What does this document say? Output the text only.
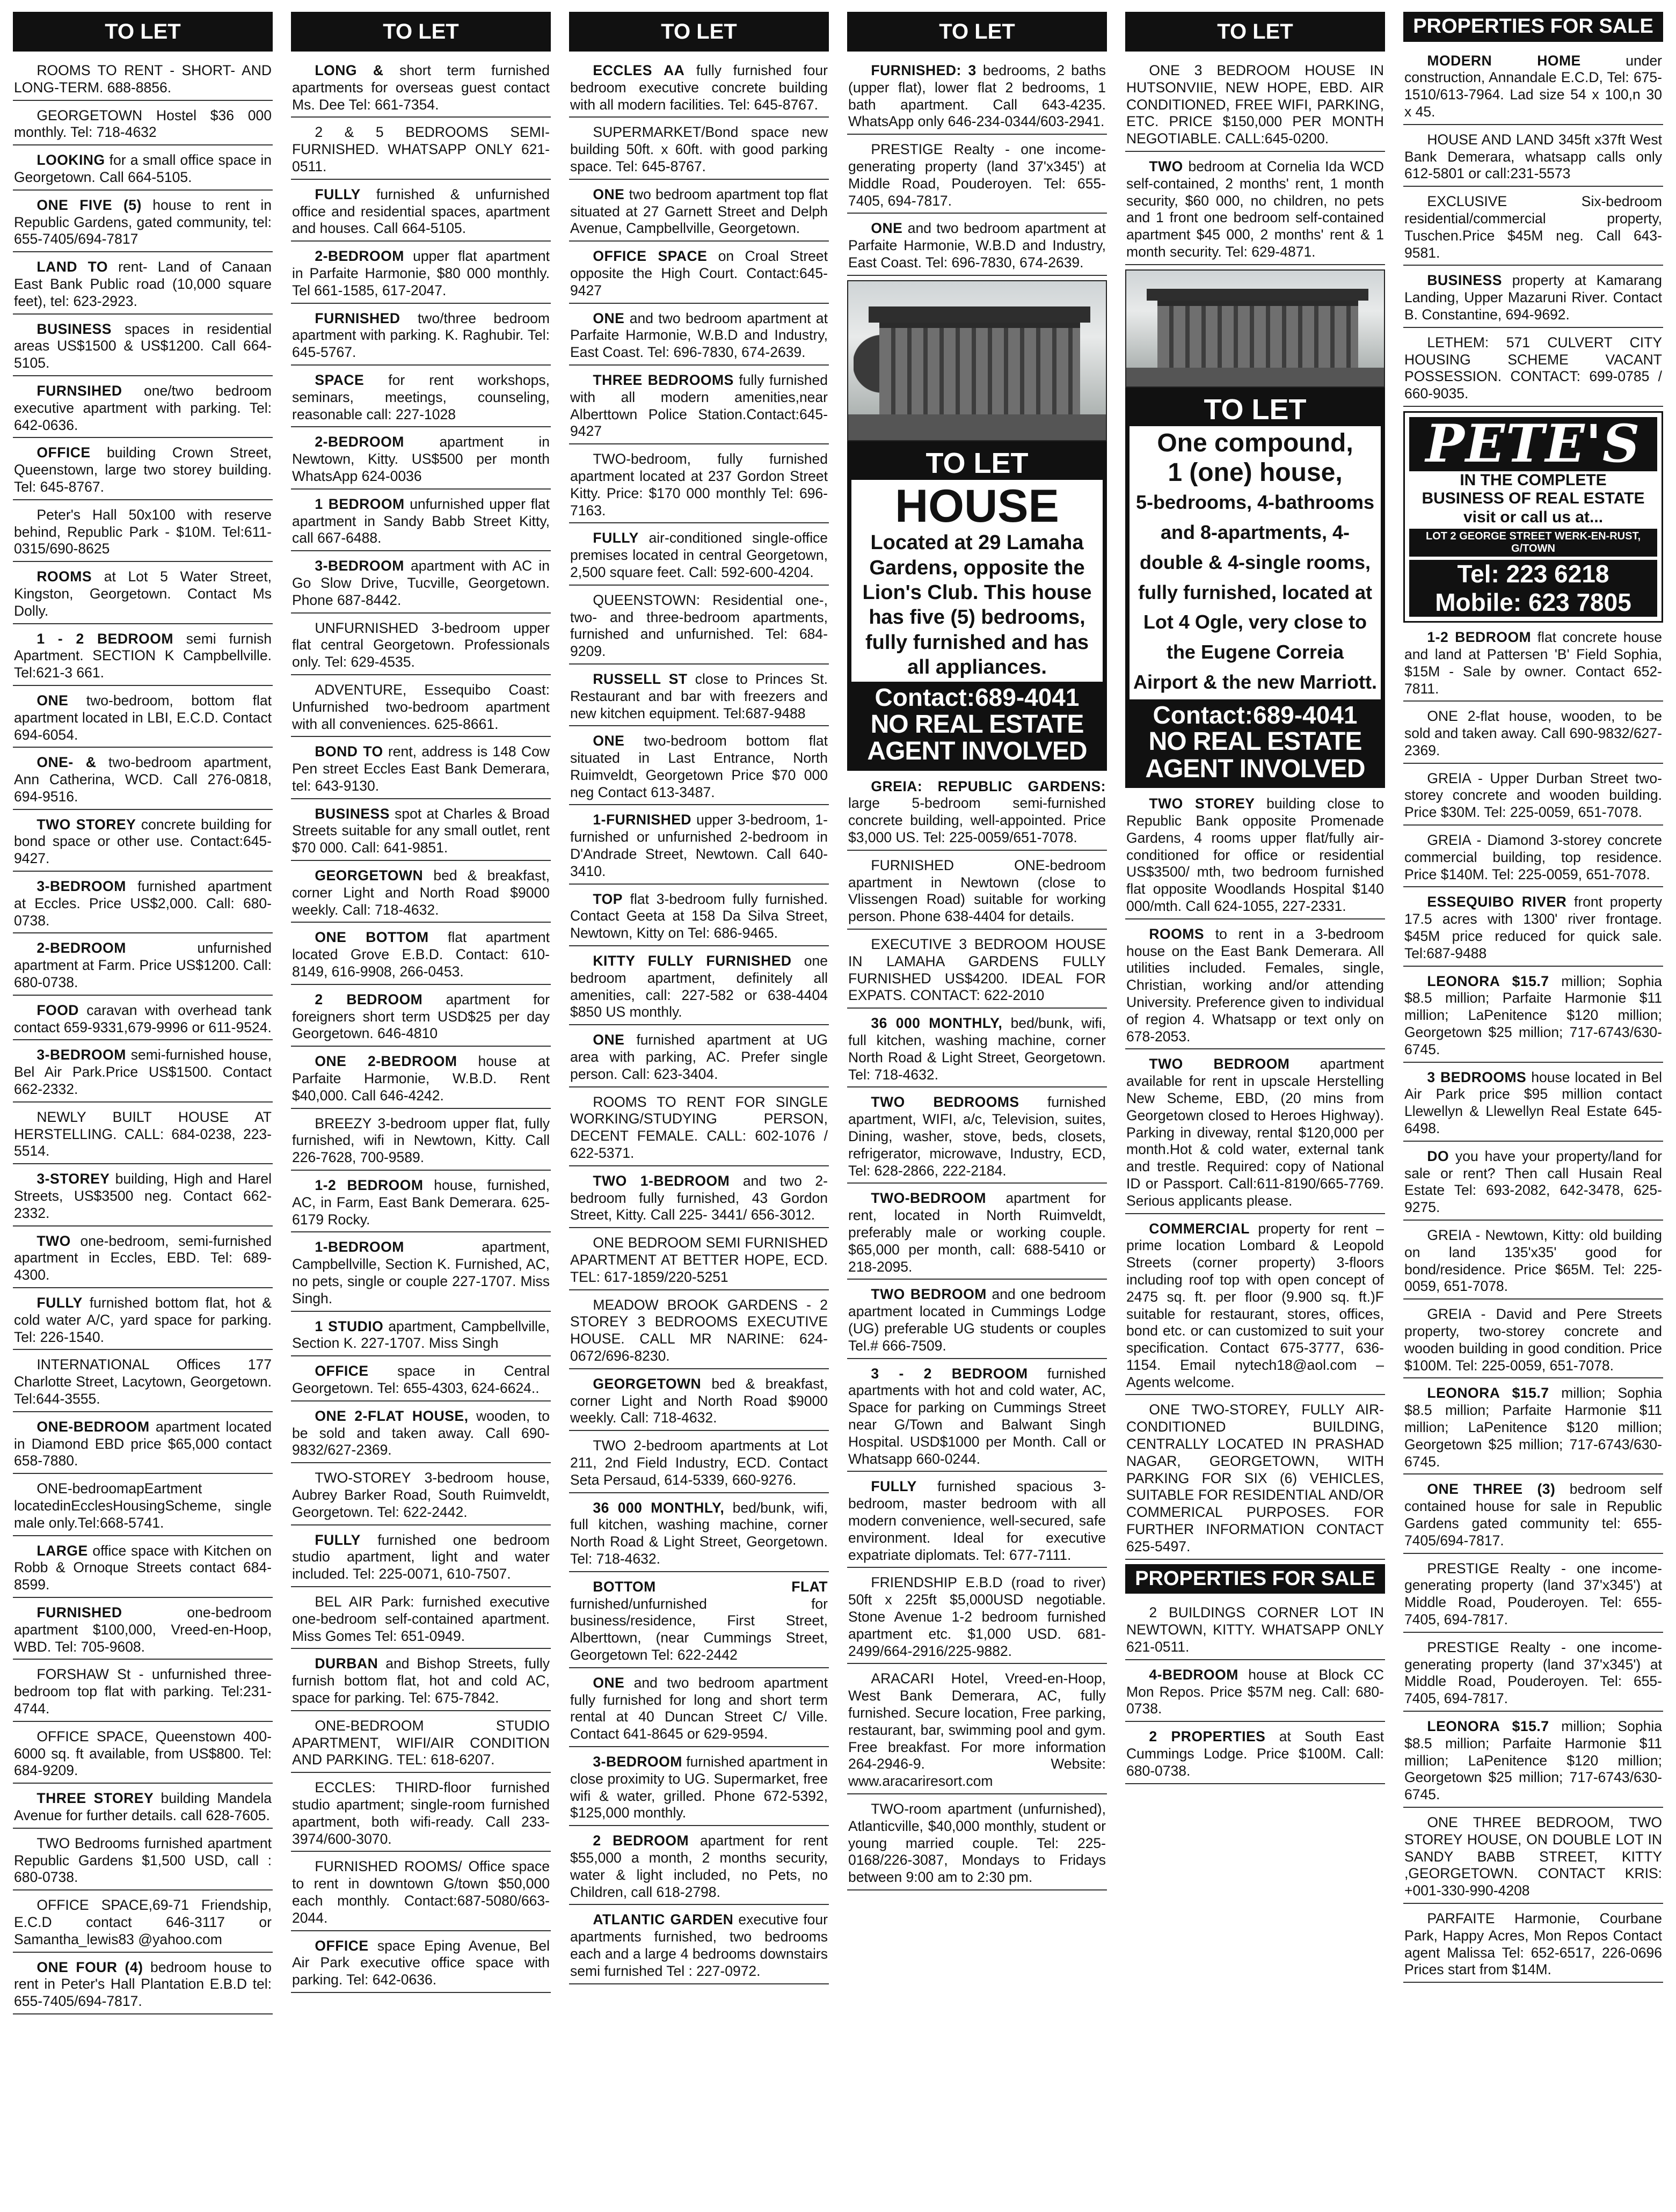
TO LET
ROOMS TO RENT - SHORT- AND LONG-TERM. 688-8856.
GEORGETOWN Hostel $36 000 monthly. Tel: 718-4632
LOOKING for a small office space in Georgetown. Call 664-5105.
ONE FIVE (5) house to rent in Republic Gardens, gated community, tel: 655-7405/694-7817
LAND TO rent- Land of Canaan East Bank Public road (10,000 square feet), tel: 623-2923.
BUSINESS spaces in residential areas US$1500 & US$1200. Call 664-5105.
FURNSIHED one/two bedroom executive apartment with parking. Tel: 642-0636.
OFFICE building Crown Street, Queenstown, large two storey building. Tel: 645-8767.
Peter's Hall 50x100 with reserve behind, Republic Park - $10M. Tel:611-0315/690-8625
ROOMS at Lot 5 Water Street, Kingston, Georgetown. Contact Ms Dolly.
1 - 2 BEDROOM semi furnish Apartment. SECTION K Campbellville. Tel:621-3 661.
ONE two-bedroom, bottom flat apartment located in LBI, E.C.D. Contact 694-6054.
ONE- & two-bedroom apartment, Ann Catherina, WCD. Call 276-0818, 694-9516.
TWO STOREY concrete building for bond space or other use. Contact:645-9427.
3-BEDROOM furnished apartment at Eccles. Price US$2,000. Call: 680-0738.
2-BEDROOM unfurnished apartment at Farm. Price US$1200. Call: 680-0738.
FOOD caravan with overhead tank contact 659-9331,679-9996 or 611-9524.
3-BEDROOM semi-furnished house, Bel Air Park.Price US$1500. Contact 662-2332.
NEWLY BUILT HOUSE AT HERSTELLING. CALL: 684-0238, 223-5514.
3-STOREY building, High and Harel Streets, US$3500 neg. Contact 662-2332.
TWO one-bedroom, semi-furnished apartment in Eccles, EBD. Tel: 689-4300.
FULLY furnished bottom flat, hot & cold water A/C, yard space for parking. Tel: 226-1540.
INTERNATIONAL Offices 177 Charlotte Street, Lacytown, Georgetown. Tel:644-3555.
ONE-BEDROOM apartment located in Diamond EBD price $65,000 contact 658-7880.
ONE-bedroomapEartment locatedinEcclesHousingScheme, single male only.Tel:668-5741.
LARGE office space with Kitchen on Robb & Ornoque Streets contact 684-8599.
FURNISHED one-bedroom apartment $100,000, Vreed-en-Hoop, WBD. Tel: 705-9608.
FORSHAW St - unfurnished three-bedroom top flat with parking. Tel:231-4744.
OFFICE SPACE, Queenstown 400-6000 sq. ft available, from US$800. Tel: 684-9209.
THREE STOREY building Mandela Avenue for further details. call 628-7605.
TWO Bedrooms furnished apartment Republic Gardens $1,500 USD, call : 680-0738.
OFFICE SPACE,69-71 Friendship, E.C.D contact 646-3117 or Samantha_lewis83 @yahoo.com
ONE FOUR (4) bedroom house to rent in Peter's Hall Plantation E.B.D tel: 655-7405/694-7817.
TO LET
LONG & short term furnished apartments for overseas guest contact Ms. Dee Tel: 661-7354.
2 & 5 BEDROOMS SEMI-FURNISHED. WHATSAPP ONLY 621-0511.
FULLY furnished & unfurnished office and residential spaces, apartment and houses. Call 664-5105.
2-BEDROOM upper flat apartment in Parfaite Harmonie, $80 000 monthly. Tel 661-1585, 617-2047.
FURNISHED two/three bedroom apartment with parking. K. Raghubir. Tel: 645-5767.
SPACE for rent workshops, seminars, meetings, counseling, reasonable call: 227-1028
2-BEDROOM apartment in Newtown, Kitty. US$500 per month WhatsApp 624-0036
1 BEDROOM unfurnished upper flat apartment in Sandy Babb Street Kitty, call 667-6488.
3-BEDROOM apartment with AC in Go Slow Drive, Tucville, Georgetown. Phone 687-8442.
UNFURNISHED 3-bedroom upper flat central Georgetown. Professionals only. Tel: 629-4535.
ADVENTURE, Essequibo Coast: Unfurnished two-bedroom apartment with all conveniences. 625-8661.
BOND TO rent, address is 148 Cow Pen street Eccles East Bank Demerara, tel: 643-9130.
BUSINESS spot at Charles & Broad Streets suitable for any small outlet, rent $70 000. Call: 641-9851.
GEORGETOWN bed & breakfast, corner Light and North Road $9000 weekly. Call: 718-4632.
ONE BOTTOM flat apartment located Grove E.B.D. Contact: 610-8149, 616-9908, 266-0453.
2 BEDROOM apartment for foreigners short term USD$25 per day Georgetown. 646-4810
ONE 2-BEDROOM house at Parfaite Harmonie, W.B.D. Rent $40,000. Call 646-4242.
BREEZY 3-bedroom upper flat, fully furnished, wifi in Newtown, Kitty. Call 226-7628, 700-9589.
1-2 BEDROOM house, furnished, AC, in Farm, East Bank Demerara. 625-6179 Rocky.
1-BEDROOM apartment, Campbellville, Section K. Furnished, AC, no pets, single or couple 227-1707. Miss Singh.
1 STUDIO apartment, Campbellville, Section K. 227-1707. Miss Singh
OFFICE space in Central Georgetown. Tel: 655-4303, 624-6624..
ONE 2-FLAT HOUSE, wooden, to be sold and taken away. Call 690-9832/627-2369.
TWO-STOREY 3-bedroom house, Aubrey Barker Road, South Ruimveldt, Georgetown. Tel: 622-2442.
FULLY furnished one bedroom studio apartment, light and water included. Tel: 225-0071, 610-7507.
BEL AIR Park: furnished executive one-bedroom self-contained apartment. Miss Gomes Tel: 651-0949.
DURBAN and Bishop Streets, fully furnish bottom flat, hot and cold AC, space for parking. Tel: 675-7842.
ONE-BEDROOM STUDIO APARTMENT, WIFI/AIR CONDITION AND PARKING. TEL: 618-6207.
ECCLES: THIRD-floor furnished studio apartment; single-room furnished apartment, both wifi-ready. Call 233-3974/600-3070.
FURNISHED ROOMS/ Office space to rent in downtown G/town $50,000 each monthly. Contact:687-5080/663-2044.
OFFICE space Eping Avenue, Bel Air Park executive office space with parking. Tel: 642-0636.
TO LET
ECCLES AA fully furnished four bedroom executive concrete building with all modern facilities. Tel: 645-8767.
SUPERMARKET/Bond space new building 50ft. x 60ft. with good parking space. Tel: 645-8767.
ONE two bedroom apartment top flat situated at 27 Garnett Street and Delph Avenue, Campbellville, Georgetown.
OFFICE SPACE on Croal Street opposite the High Court. Contact:645-9427
ONE and two bedroom apartment at Parfaite Harmonie, W.B.D and Industry, East Coast. Tel: 696-7830, 674-2639.
THREE BEDROOMS fully furnished with all modern amenities,near Alberttown Police Station.Contact:645-9427
TWO-bedroom, fully furnished apartment located at 237 Gordon Street Kitty. Price: $170 000 monthly Tel: 696-7163.
FULLY air-conditioned single-office premises located in central Georgetown, 2,500 square feet. Call: 592-600-4204.
QUEENSTOWN: Residential one-, two- and three-bedroom apartments, furnished and unfurnished. Tel: 684-9209.
RUSSELL ST close to Princes St. Restaurant and bar with freezers and new kitchen equipment. Tel:687-9488
ONE two-bedroom bottom flat situated in Last Entrance, North Ruimveldt, Georgetown Price $70 000 neg Contact 613-3487.
1-FURNISHED upper 3-bedroom, 1-furnished or unfurnished 2-bedroom in D'Andrade Street, Newtown. Call 640-3410.
TOP flat 3-bedroom fully furnished. Contact Geeta at 158 Da Silva Street, Newtown, Kitty on Tel: 686-9465.
KITTY FULLY FURNISHED one bedroom apartment, definitely all amenities, call: 227-582 or 638-4404 $850 US monthly.
ONE furnished apartment at UG area with parking, AC. Prefer single person. Call: 623-3404.
ROOMS TO RENT FOR SINGLE WORKING/STUDYING PERSON, DECENT FEMALE. CALL: 602-1076 / 622-5371.
TWO 1-BEDROOM and two 2-bedroom fully furnished, 43 Gordon Street, Kitty. Call 225- 3441/ 656-3012.
ONE BEDROOM SEMI FURNISHED APARTMENT AT BETTER HOPE, ECD. TEL: 617-1859/220-5251
MEADOW BROOK GARDENS - 2 STOREY 3 BEDROOMS EXECUTIVE HOUSE. CALL MR NARINE: 624-0672/696-8230.
GEORGETOWN bed & breakfast, corner Light and North Road $9000 weekly. Call: 718-4632.
TWO 2-bedroom apartments at Lot 211, 2nd Field Industry, ECD. Contact Seta Persaud, 614-5339, 660-9276.
36 000 MONTHLY, bed/bunk, wifi, full kitchen, washing machine, corner North Road & Light Street, Georgetown. Tel: 718-4632.
BOTTOM FLAT furnished/unfurnished for business/residence, First Street, Alberttown, (near Cummings Street, Georgetown Tel: 622-2442
ONE and two bedroom apartment fully furnished for long and short term rental at 40 Duncan Street C/ Ville. Contact 641-8645 or 629-9594.
3-BEDROOM furnished apartment in close proximity to UG. Supermarket, free wifi & water, grilled. Phone 672-5392, $125,000 monthly.
2 BEDROOM apartment for rent $55,000 a month, 2 months security, water & light included, no Pets, no Children, call 618-2798.
ATLANTIC GARDEN executive four apartments furnished, two bedrooms each and a large 4 bedrooms downstairs semi furnished Tel : 227-0972.
TO LET
FURNISHED: 3 bedrooms, 2 baths (upper flat), lower flat 2 bedrooms, 1 bath apartment. Call 643-4235. WhatsApp only 646-234-0344/603-2941.
PRESTIGE Realty - one income-generating property (land 37'x345') at Middle Road, Pouderoyen. Tel: 655-7405, 694-7817.
ONE and two bedroom apartment at Parfaite Harmonie, W.B.D and Industry, East Coast. Tel: 696-7830, 674-2639.
TO LET
HOUSE
Located at 29 Lamaha Gardens, opposite the Lion's Club. This house has five (5) bedrooms, fully furnished and has all appliances.
Contact:689-4041
NO REAL ESTATE AGENT INVOLVED
GREIA: REPUBLIC GARDENS: large 5-bedroom semi-furnished concrete building, well-appointed. Price $3,000 US. Tel: 225-0059/651-7078.
FURNISHED ONE-bedroom apartment in Newtown (close to Vlissengen Road) suitable for working person. Phone 638-4404 for details.
EXECUTIVE 3 BEDROOM HOUSE IN LAMAHA GARDENS FULLY FURNISHED US$4200. IDEAL FOR EXPATS. CONTACT: 622-2010
36 000 MONTHLY, bed/bunk, wifi, full kitchen, washing machine, corner North Road & Light Street, Georgetown. Tel: 718-4632.
TWO BEDROOMS furnished apartment, WIFI, a/c, Television, suites, Dining, washer, stove, beds, closets, refrigerator, microwave, Industry, ECD, Tel: 628-2866, 222-2184.
TWO-BEDROOM apartment for rent, located in North Ruimveldt, preferably male or working couple. $65,000 per month, call: 688-5410 or 218-2095.
TWO BEDROOM and one bedroom apartment located in Cummings Lodge (UG) preferable UG students or couples Tel.# 666-7509.
3 - 2 BEDROOM furnished apartments with hot and cold water, AC, Space for parking on Cummings Street near G/Town and Balwant Singh Hospital. USD$1000 per Month. Call or Whatsapp 660-0244.
FULLY furnished spacious 3-bedroom, master bedroom with all modern convenience, well-secured, safe environment. Ideal for executive expatriate diplomats. Tel: 677-7111.
FRIENDSHIP E.B.D (road to river) 50ft x 225ft $5,000USD negotiable. Stone Avenue 1-2 bedroom furnished apartment etc. $1,000 USD. 681-2499/664-2916/225-9882.
ARACARI Hotel, Vreed-en-Hoop, West Bank Demerara, AC, fully furnished. Secure location, Free parking, restaurant, bar, swimming pool and gym. Free breakfast. For more information 264-2946-9. Website: www.aracariresort.com
TWO-room apartment (unfurnished), Atlanticville, $40,000 monthly, student or young married couple. Tel: 225-0168/226-3087, Mondays to Fridays between 9:00 am to 2:30 pm.
TO LET
ONE 3 BEDROOM HOUSE IN HUTSONVIIE, NEW HOPE, EBD. AIR CONDITIONED, FREE WIFI, PARKING, ETC. PRICE $150,000 PER MONTH NEGOTIABLE. CALL:645-0200.
TWO bedroom at Cornelia Ida WCD self-contained, 2 months' rent, 1 month security, $60 000, no children, no pets and 1 front one bedroom self-contained apartment $45 000, 2 months' rent & 1 month security. Tel: 629-4871.
TO LET
One compound,
1 (one) house,
5-bedrooms, 4-bathrooms and 8-apartments, 4-double & 4-single rooms, fully furnished, located at Lot 4 Ogle, very close to the Eugene Correia Airport & the new Marriott.
Contact:689-4041
NO REAL ESTATE AGENT INVOLVED
TWO STOREY building close to Republic Bank opposite Promenade Gardens, 4 rooms upper flat/fully air-conditioned for office or residential US$3500/ mth, two bedroom furnished flat opposite Woodlands Hospital $140 000/mth. Call 624-1055, 227-2331.
ROOMS to rent in a 3-bedroom house on the East Bank Demerara. All utilities included. Females, single, Christian, working and/or attending University. Preference given to individual of region 4. Whatsapp or text only on 678-2053.
TWO BEDROOM apartment available for rent in upscale Herstelling New Scheme, EBD, (20 mins from Georgetown closed to Heroes Highway). Parking in diveway, rental $120,000 per month.Hot & cold water, external tank and trestle. Required: copy of National ID or Passport. Call:611-8190/665-7769. Serious applicants please.
COMMERCIAL property for rent – prime location Lombard & Leopold Streets (corner property) 3-floors including roof top with open concept of 2475 sq. ft. per floor (9.900 sq. ft.)F suitable for restaurant, stores, offices, bond etc. or can customized to suit your specification. Contact 675-3777, 636-1154. Email nytech18@aol.com – Agents welcome.
ONE TWO-STOREY, FULLY AIR-CONDITIONED BUILDING, CENTRALLY LOCATED IN PRASHAD NAGAR, GEORGETOWN, WITH PARKING FOR SIX (6) VEHICLES, SUITABLE FOR RESIDENTIAL AND/OR COMMERICAL PURPOSES. FOR FURTHER INFORMATION CONTACT 625-5497.
PROPERTIES FOR SALE
2 BUILDINGS CORNER LOT IN NEWTOWN, KITTY. WHATSAPP ONLY 621-0511.
4-BEDROOM house at Block CC Mon Repos. Price $57M neg. Call: 680-0738.
2 PROPERTIES at South East Cummings Lodge. Price $100M. Call: 680-0738.
PROPERTIES FOR SALE
MODERN HOME under construction, Annandale E.C.D, Tel: 675-1510/613-7964. Lad size 54 x 100,n 30 x 45.
HOUSE AND LAND 345ft x37ft West Bank Demerara, whatsapp calls only 612-5801 or call:231-5573
EXCLUSIVE Six-bedroom residential/commercial property, Tuschen.Price $45M neg. Call 643-9581.
BUSINESS property at Kamarang Landing, Upper Mazaruni River. Contact B. Constantine, 694-9692.
LETHEM: 571 CULVERT CITY HOUSING SCHEME VACANT POSSESSION. CONTACT: 699-0785 / 660-9035.
PETE'S
IN THE COMPLETE
BUSINESS OF REAL ESTATE
visit or call us at...
LOT 2 GEORGE STREET WERK-EN-RUST, G/TOWN
Tel: 223 6218
Mobile: 623 7805
1-2 BEDROOM flat concrete house and land at Pattersen 'B' Field Sophia, $15M - Sale by owner. Contact 652-7811.
ONE 2-flat house, wooden, to be sold and taken away. Call 690-9832/627-2369.
GREIA - Upper Durban Street two-storey concrete and wooden building. Price $30M. Tel: 225-0059, 651-7078.
GREIA - Diamond 3-storey concrete commercial building, top residence. Price $140M. Tel: 225-0059, 651-7078.
ESSEQUIBO RIVER front property 17.5 acres with 1300' river frontage. $45M price reduced for quick sale. Tel:687-9488
LEONORA $15.7 million; Sophia $8.5 million; Parfaite Harmonie $11 million; LaPenitence $120 million; Georgetown $25 million; 717-6743/630-6745.
3 BEDROOMS house located in Bel Air Park price $95 million contact Llewellyn & Llewellyn Real Estate 645-6498.
DO you have your property/land for sale or rent? Then call Husain Real Estate Tel: 693-2082, 642-3478, 625-9275.
GREIA - Newtown, Kitty: old building on land 135'x35' good for bond/residence. Price $65M. Tel: 225-0059, 651-7078.
GREIA - David and Pere Streets property, two-storey concrete and wooden building in good condition. Price $100M. Tel: 225-0059, 651-7078.
LEONORA $15.7 million; Sophia $8.5 million; Parfaite Harmonie $11 million; LaPenitence $120 million; Georgetown $25 million; 717-6743/630-6745.
ONE THREE (3) bedroom self contained house for sale in Republic Gardens gated community tel: 655-7405/694-7817.
PRESTIGE Realty - one income-generating property (land 37'x345') at Middle Road, Pouderoyen. Tel: 655-7405, 694-7817.
PRESTIGE Realty - one income-generating property (land 37'x345') at Middle Road, Pouderoyen. Tel: 655-7405, 694-7817.
LEONORA $15.7 million; Sophia $8.5 million; Parfaite Harmonie $11 million; LaPenitence $120 million; Georgetown $25 million; 717-6743/630-6745.
ONE THREE BEDROOM, TWO STOREY HOUSE, ON DOUBLE LOT IN SANDY BABB STREET, KITTY ,GEORGETOWN. CONTACT KRIS: +001-330-990-4208
PARFAITE Harmonie, Courbane Park, Happy Acres, Mon Repos Contact agent Malissa Tel: 652-6517, 226-0696 Prices start from $14M.
